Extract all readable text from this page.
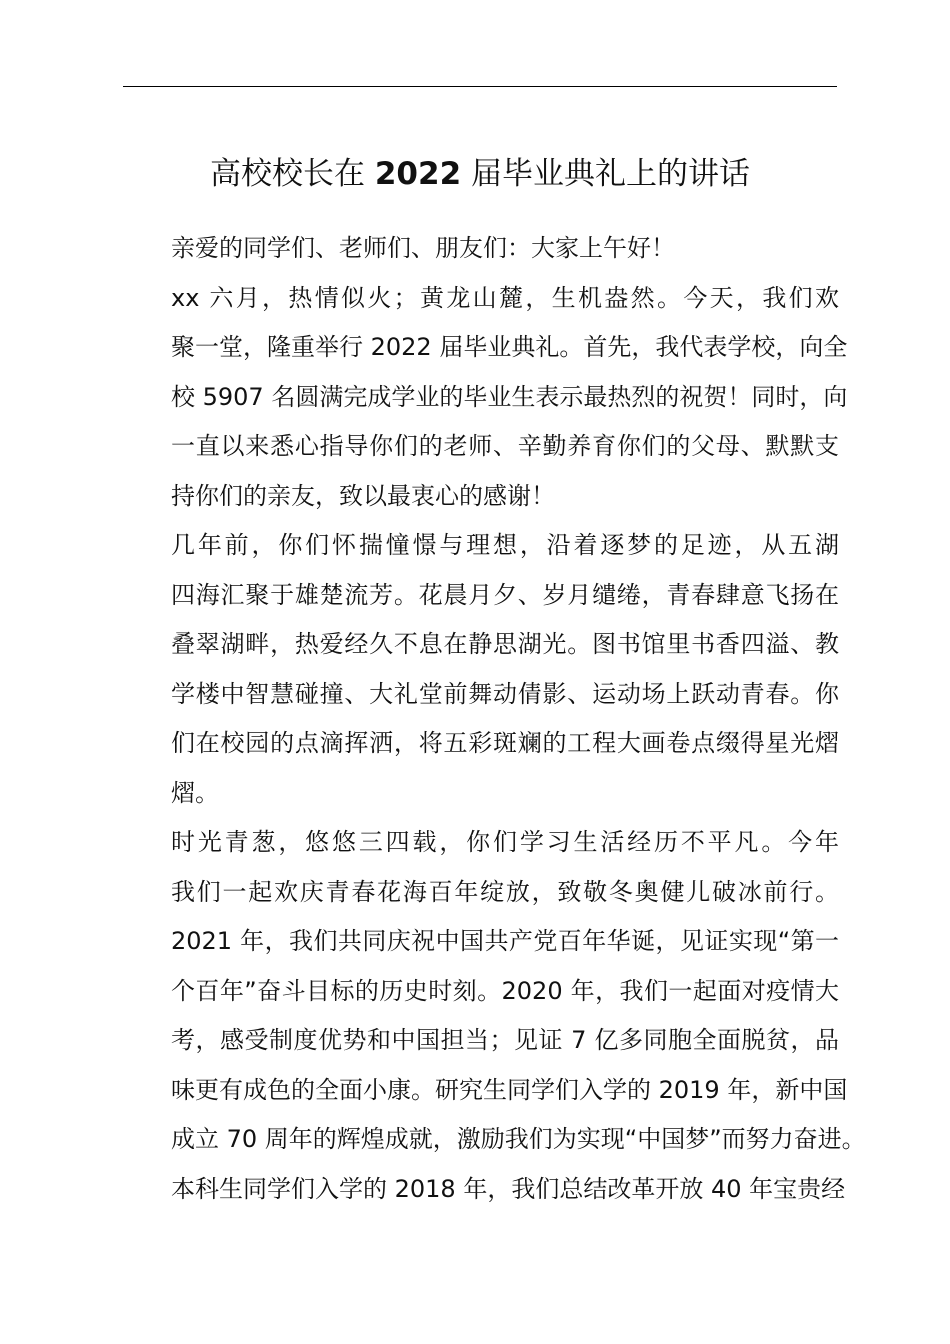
高校校长在 2022 届毕业典礼上的讲话

亲爱的同学们、老师们、朋友们：大家上午好！

xx 六月，热情似火；黄龙山麓，生机盎然。今天，我们欢
聚一堂，隆重举行 2022 届毕业典礼。首先，我代表学校，向全
校 5907 名圆满完成学业的毕业生表示最热烈的祝贺！同时，向
一直以来悉心指导你们的老师、辛勤养育你们的父母、默默支
持你们的亲友，致以最衷心的感谢！

几年前，你们怀揣憧憬与理想，沿着逐梦的足迹，从五湖
四海汇聚于雄楚流芳。花晨月夕、岁月缱绻，青春肆意飞扬在
叠翠湖畔，热爱经久不息在静思湖光。图书馆里书香四溢、教
学楼中智慧碰撞、大礼堂前舞动倩影、运动场上跃动青春。你
们在校园的点滴挥洒，将五彩斑斓的工程大画卷点缀得星光熠
熠。

时光青葱，悠悠三四载，你们学习生活经历不平凡。今年
我们一起欢庆青春花海百年绽放，致敬冬奥健儿破冰前行。
2021 年，我们共同庆祝中国共产党百年华诞，见证实现“第一
个百年”奋斗目标的历史时刻。2020 年，我们一起面对疫情大
考，感受制度优势和中国担当；见证 7 亿多同胞全面脱贫，品
味更有成色的全面小康。研究生同学们入学的 2019 年，新中国
成立 70 周年的辉煌成就，激励我们为实现“中国梦”而努力奋进。
本科生同学们入学的 2018 年，我们总结改革开放 40 年宝贵经
